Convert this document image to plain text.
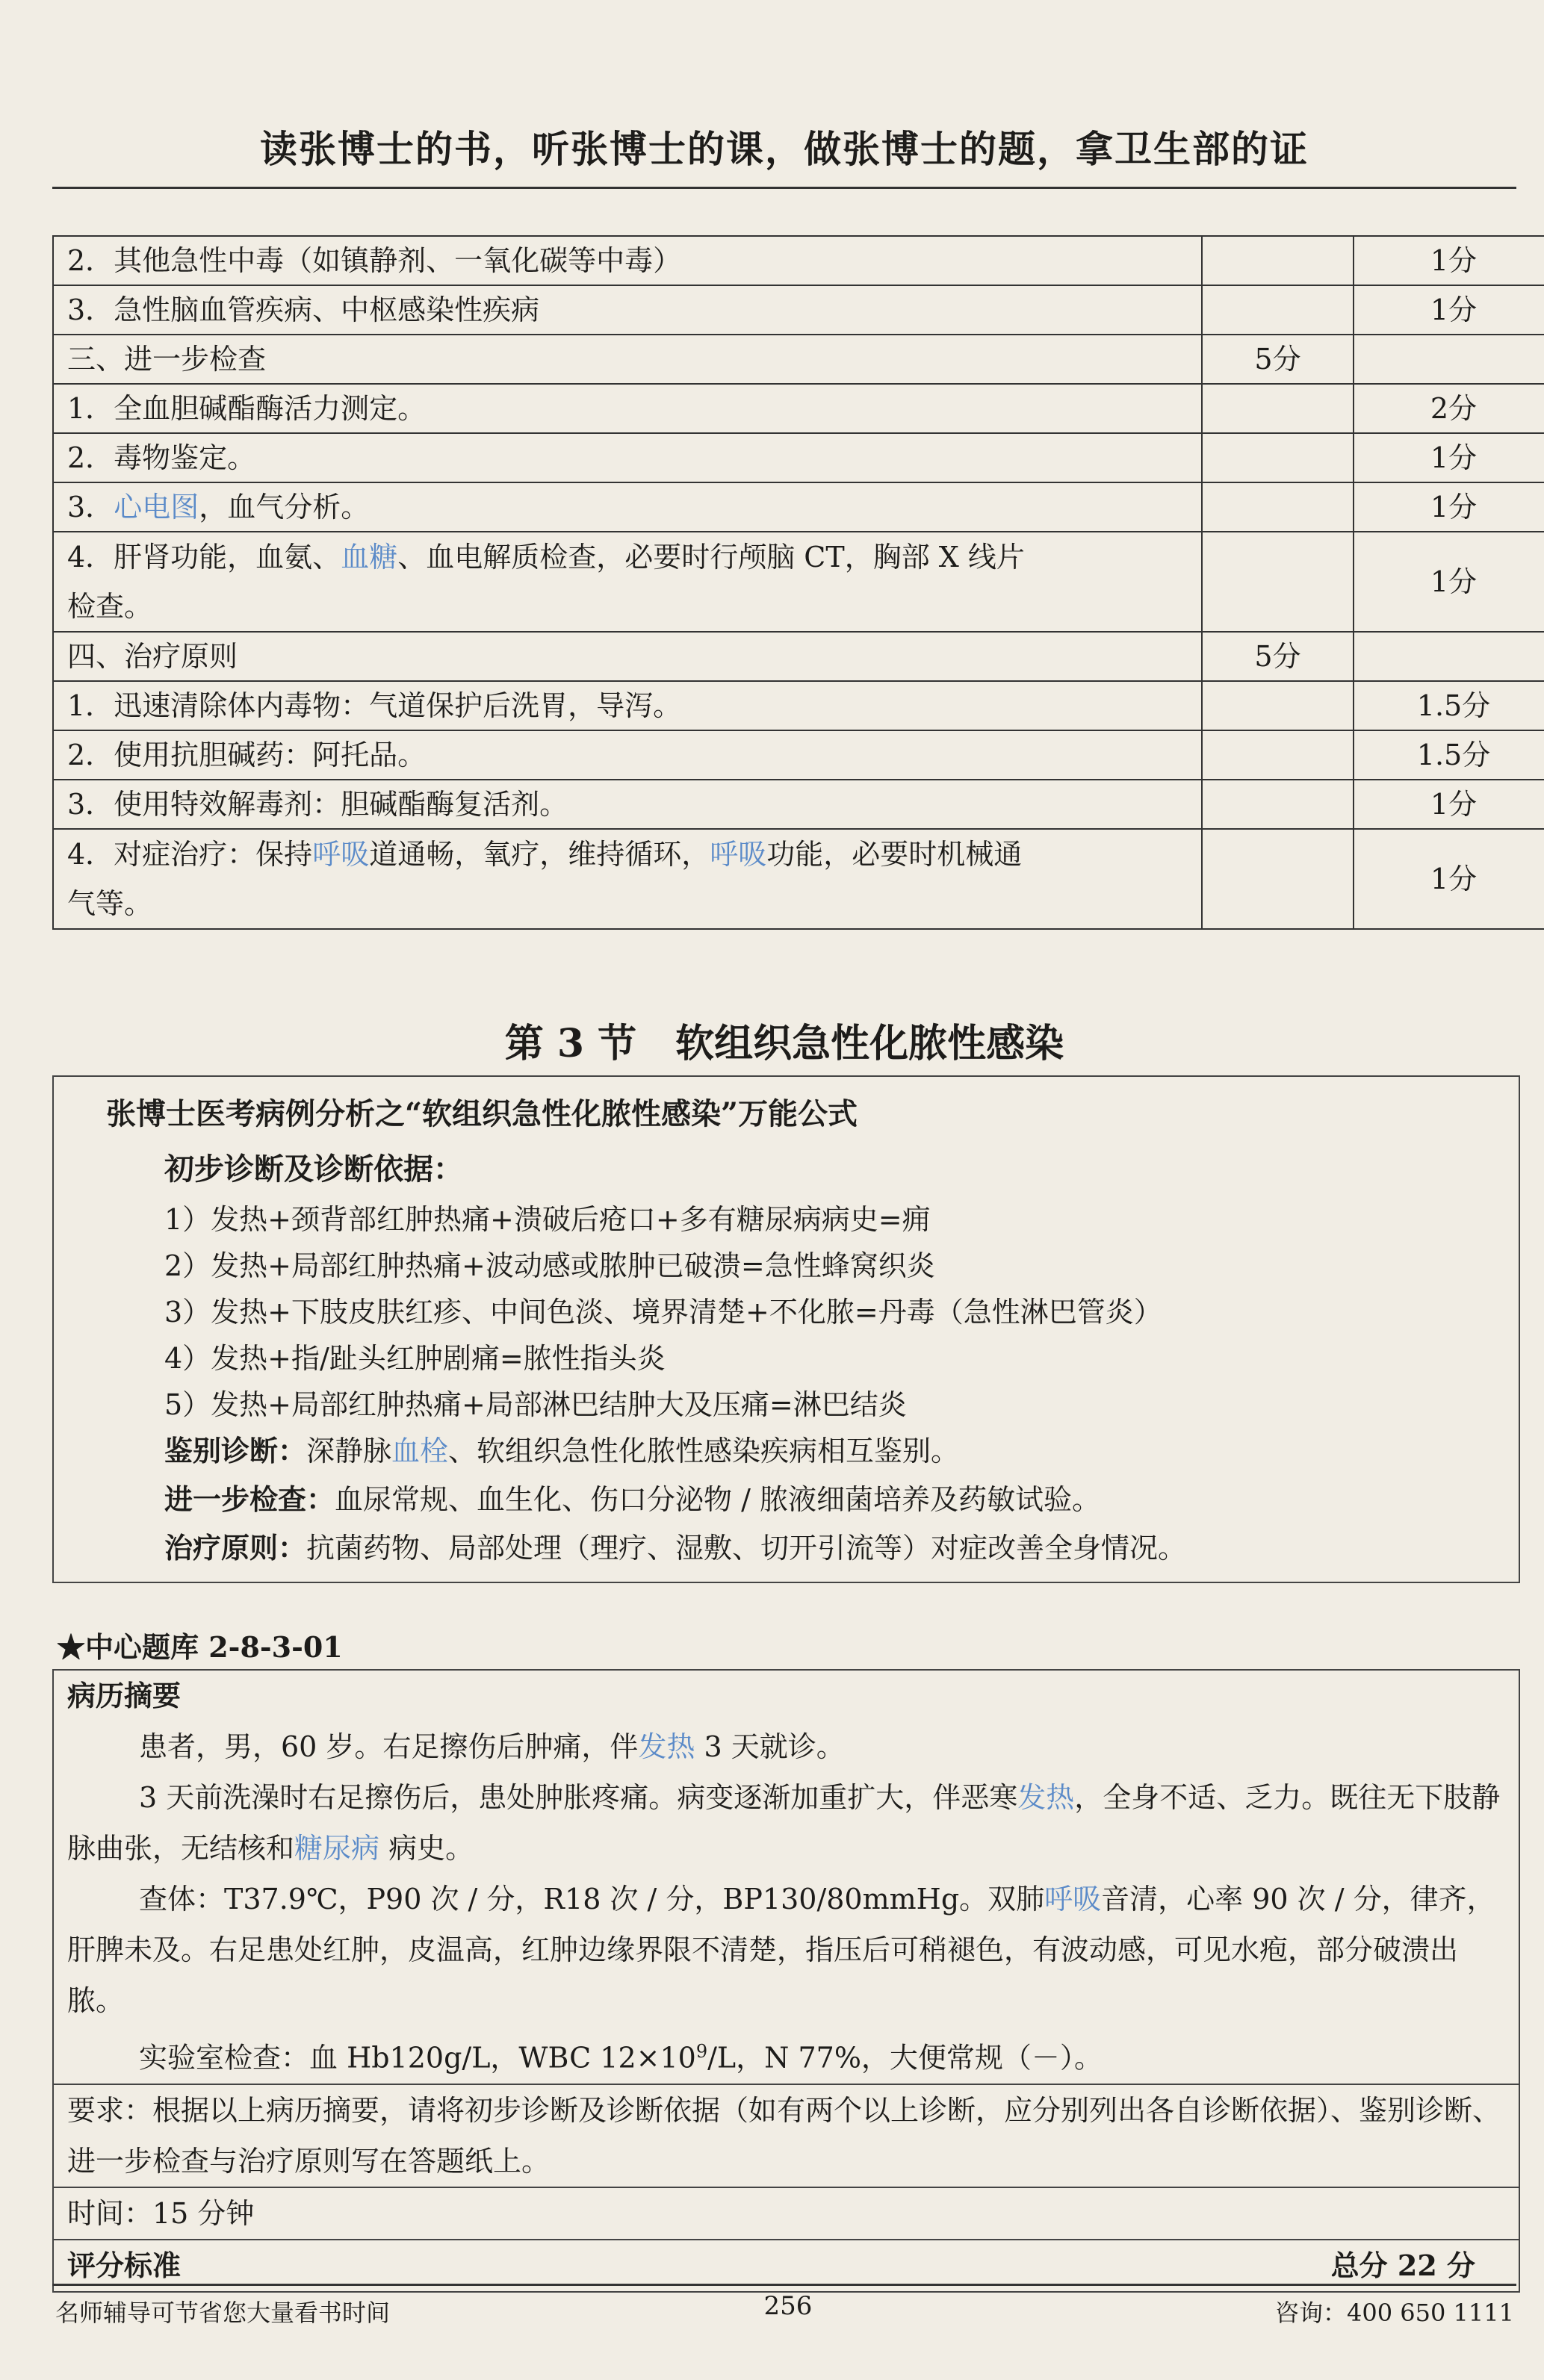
读张博士的书，听张博士的课，做张博士的题，拿卫生部的证
2．其他急性中毒（如镇静剂、一氧化碳等中毒）		1分
3．急性脑血管疾病、中枢感染性疾病		1分
三、进一步检查	5分	
1．全血胆碱酯酶活力测定。		2分
2．毒物鉴定。		1分
3．心电图，血气分析。		1分
4．肝肾功能，血氨、血糖、血电解质检查，必要时行颅脑 CT，胸部 X 线片
检查。		1分
四、治疗原则	5分	
1．迅速清除体内毒物：气道保护后洗胃，导泻。		1.5分
2．使用抗胆碱药：阿托品。		1.5分
3．使用特效解毒剂：胆碱酯酶复活剂。		1分
4．对症治疗：保持呼吸道通畅，氧疗，维持循环，呼吸功能，必要时机械通
气等。		1分
第 3 节　软组织急性化脓性感染
张博士医考病例分析之“软组织急性化脓性感染”万能公式
初步诊断及诊断依据：
1）发热+颈背部红肿热痛+溃破后疮口+多有糖尿病病史=痈
2）发热+局部红肿热痛+波动感或脓肿已破溃=急性蜂窝织炎
3）发热+下肢皮肤红疹、中间色淡、境界清楚+不化脓=丹毒（急性淋巴管炎）
4）发热+指/趾头红肿剧痛=脓性指头炎
5）发热+局部红肿热痛+局部淋巴结肿大及压痛=淋巴结炎
鉴别诊断：深静脉血栓、软组织急性化脓性感染疾病相互鉴别。
进一步检查：血尿常规、血生化、伤口分泌物 / 脓液细菌培养及药敏试验。
治疗原则：抗菌药物、局部处理（理疗、湿敷、切开引流等）对症改善全身情况。
★中心题库 2-8-3-01
病历摘要
患者，男，60 岁。右足擦伤后肿痛，伴发热 3 天就诊。
3 天前洗澡时右足擦伤后，患处肿胀疼痛。病变逐渐加重扩大，伴恶寒发热，全身不适、乏力。既往无下肢静脉曲张，无结核和糖尿病 病史。
查体：T37.9℃，P90 次 / 分，R18 次 / 分，BP130/80mmHg。双肺呼吸音清，心率 90 次 / 分，律齐，肝脾未及。右足患处红肿，皮温高，红肿边缘界限不清楚，指压后可稍褪色，有波动感，可见水疱，部分破溃出脓。
实验室检查：血 Hb120g/L，WBC $12\times 10^9/L$，N 77%，大便常规（－）。
要求：根据以上病历摘要，请将初步诊断及诊断依据（如有两个以上诊断，应分别列出各自诊断依据）、鉴别诊断、进一步检查与治疗原则写在答题纸上。
时间：15 分钟
评分标准	总分 22 分
名师辅导可节省您大量看书时间	256	咨询：400 650 1111
